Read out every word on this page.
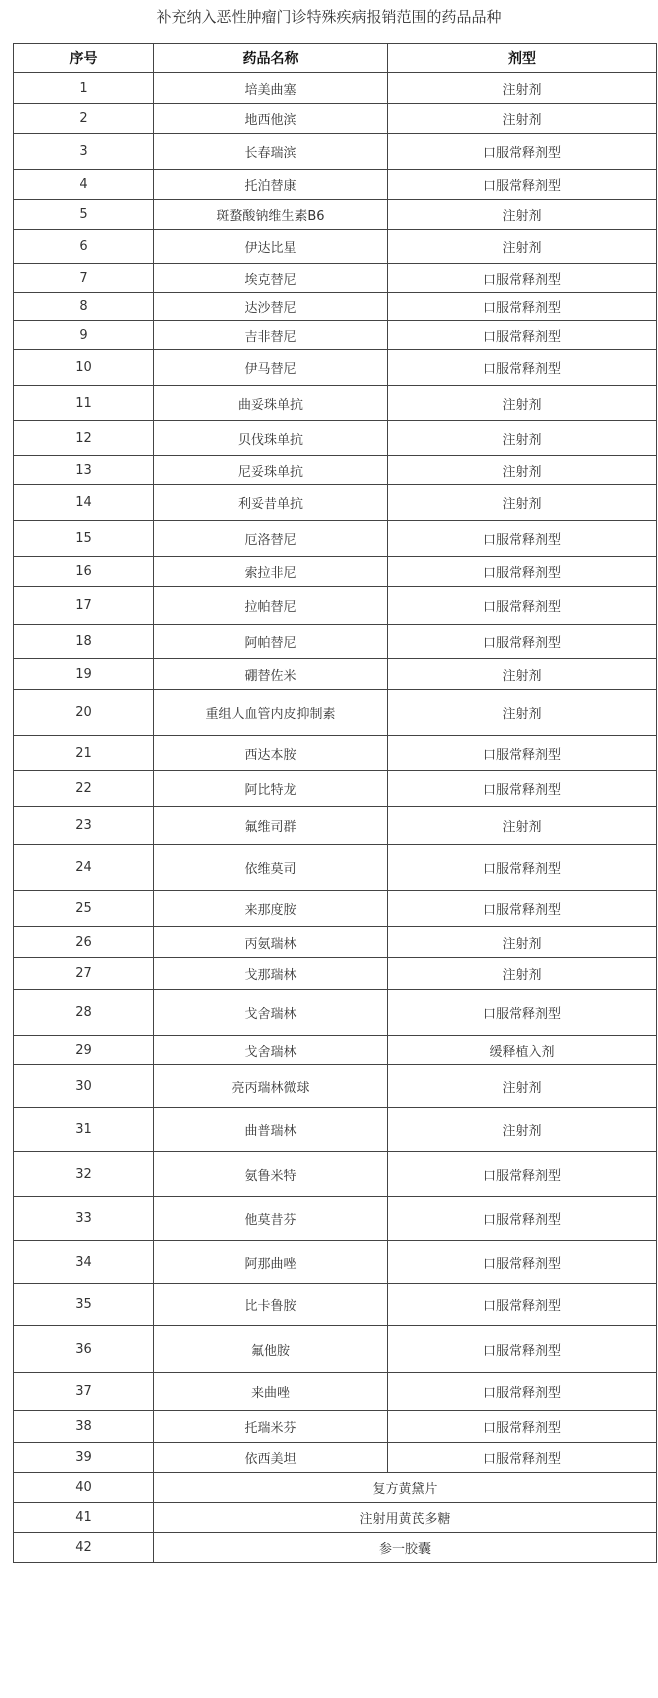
补充纳入恶性肿瘤门诊特殊疾病报销范围的药品品种
序号	药品名称	剂型
1	培美曲塞	注射剂
2	地西他滨	注射剂
3	长春瑞滨	口服常释剂型
4	托泊替康	口服常释剂型
5	斑蝥酸钠维生素B6	注射剂
6	伊达比星	注射剂
7	埃克替尼	口服常释剂型
8	达沙替尼	口服常释剂型
9	吉非替尼	口服常释剂型
10	伊马替尼	口服常释剂型
11	曲妥珠单抗	注射剂
12	贝伐珠单抗	注射剂
13	尼妥珠单抗	注射剂
14	利妥昔单抗	注射剂
15	厄洛替尼	口服常释剂型
16	索拉非尼	口服常释剂型
17	拉帕替尼	口服常释剂型
18	阿帕替尼	口服常释剂型
19	硼替佐米	注射剂
20	重组人血管内皮抑制素	注射剂
21	西达本胺	口服常释剂型
22	阿比特龙	口服常释剂型
23	氟维司群	注射剂
24	依维莫司	口服常释剂型
25	来那度胺	口服常释剂型
26	丙氨瑞林	注射剂
27	戈那瑞林	注射剂
28	戈舍瑞林	口服常释剂型
29	戈舍瑞林	缓释植入剂
30	亮丙瑞林微球	注射剂
31	曲普瑞林	注射剂
32	氨鲁米特	口服常释剂型
33	他莫昔芬	口服常释剂型
34	阿那曲唑	口服常释剂型
35	比卡鲁胺	口服常释剂型
36	氟他胺	口服常释剂型
37	来曲唑	口服常释剂型
38	托瑞米芬	口服常释剂型
39	依西美坦	口服常释剂型
40	复方黄黛片	
41	注射用黄芪多糖	
42	参一胶囊	
